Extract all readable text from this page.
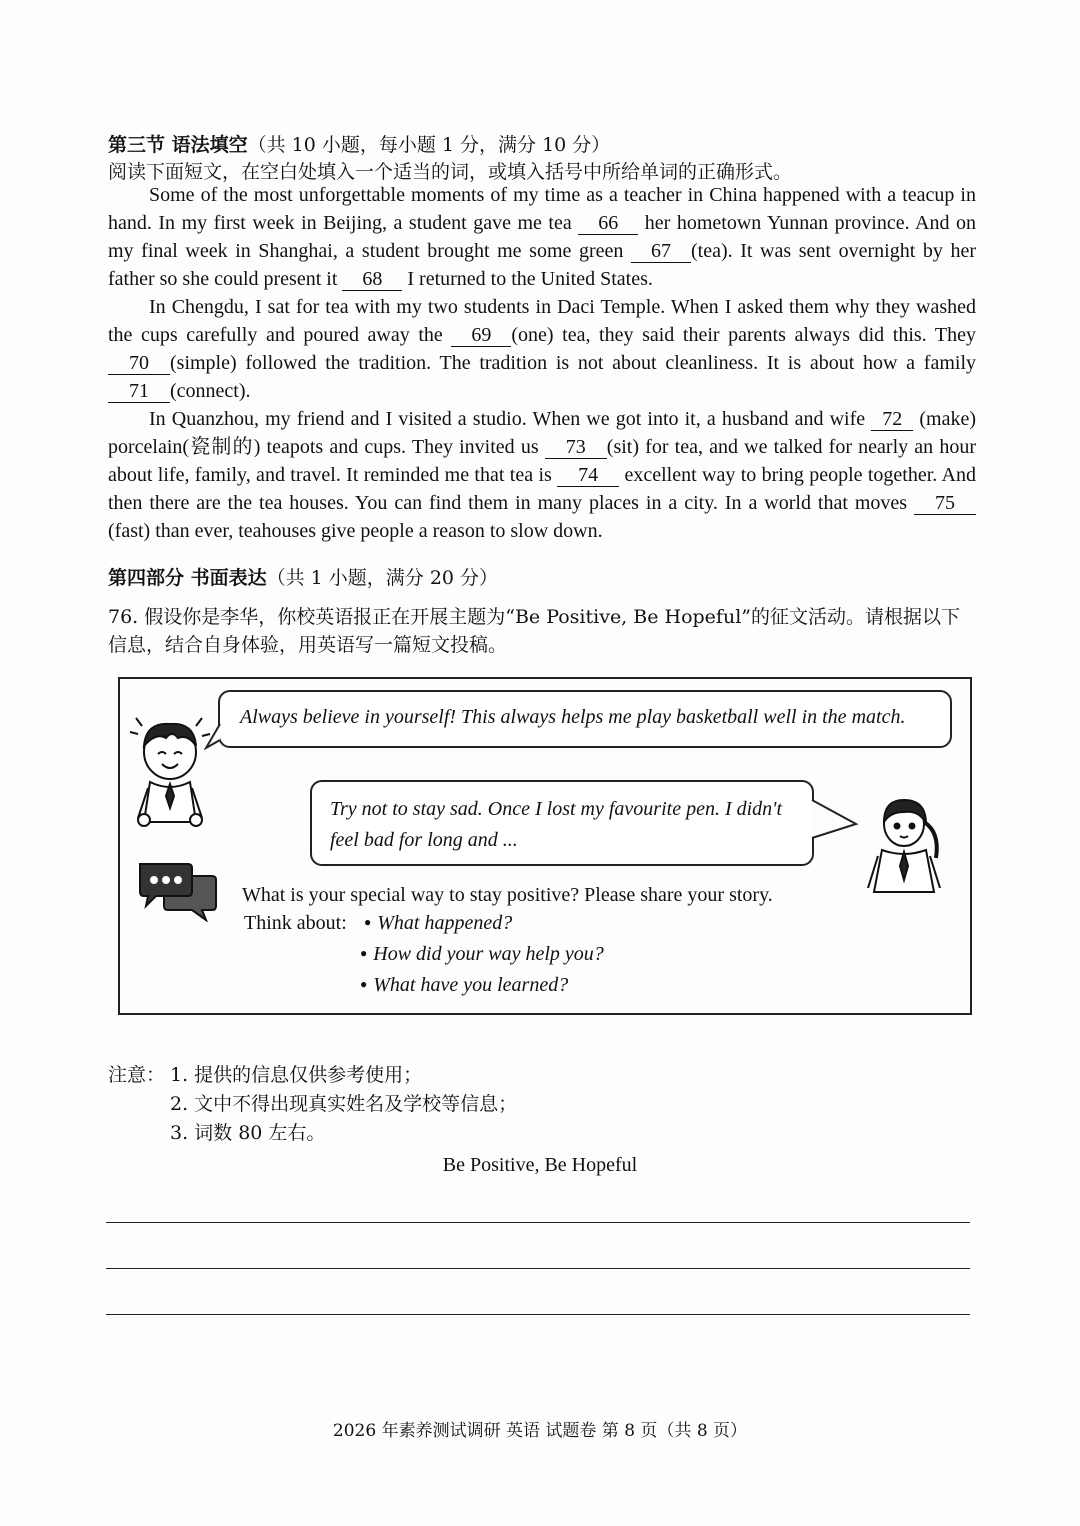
第三节 语法填空（共 10 小题，每小题 1 分，满分 10 分）
阅读下面短文，在空白处填入一个适当的词，或填入括号中所给单词的正确形式。

Some of the most unforgettable moments of my time as a teacher in China happened with a teacup in hand. In my first week in Beijing, a student gave me tea 66 her hometown Yunnan province. And on my final week in Shanghai, a student brought me some green 67 (tea). It was sent overnight by her father so she could present it 68 I returned to the United States.

In Chengdu, I sat for tea with my two students in Daci Temple. When I asked them why they washed the cups carefully and poured away the 69 (one) tea, they said their parents always did this. They 70 (simple) followed the tradition. The tradition is not about cleanliness. It is about how a family 71 (connect).

In Quanzhou, my friend and I visited a studio. When we got into it, a husband and wife 72 (make) porcelain(瓷制的) teapots and cups. They invited us 73 (sit) for tea, and we talked for nearly an hour about life, family, and travel. It reminded me that tea is 74 excellent way to bring people together. And then there are the tea houses. You can find them in many places in a city. In a world that moves 75(fast) than ever, teahouses give people a reason to slow down.

第四部分 书面表达（共 1 小题，满分 20 分）
76. 假设你是李华，你校英语报正在开展主题为“Be Positive, Be Hopeful”的征文活动。请根据以下信息，结合自身体验，用英语写一篇短文投稿。
Always believe in yourself! This always helps me play basketball well in the match.
Try not to stay sad. Once I lost my favourite pen. I didn't feel bad for long and ...
What is your special way to stay positive? Please share your story.
Think about: ● What happened?
● How did your way help you?
● What have you learned?
注意： 1. 提供的信息仅供参考使用；
2. 文中不得出现真实姓名及学校等信息；
3. 词数 80 左右。
Be Positive, Be Hopeful
2026 年素养测试调研 英语 试题卷 第 8 页（共 8 页）
